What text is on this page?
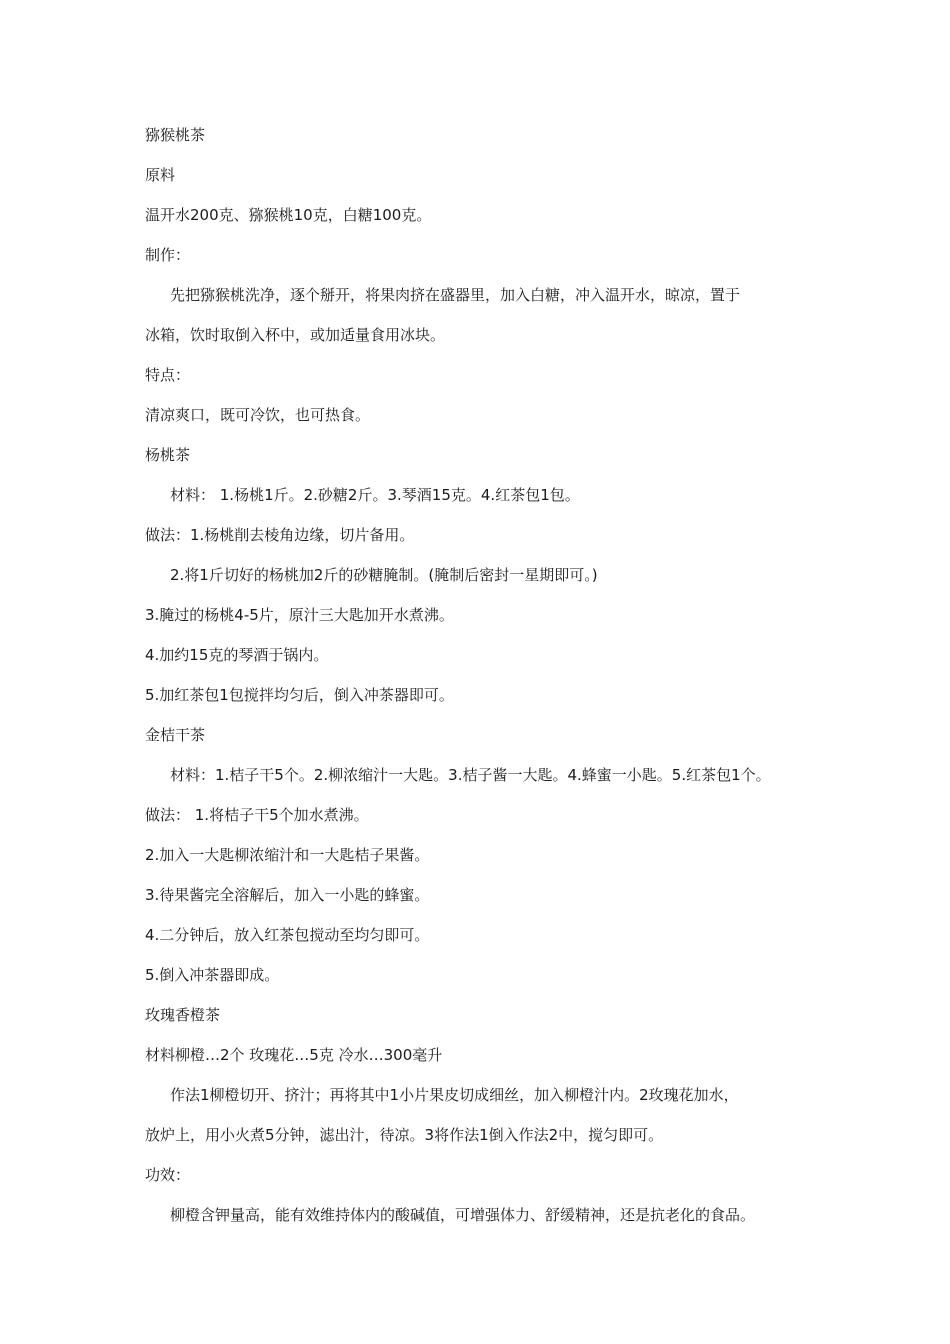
猕猴桃茶
原料
温开水200克、猕猴桃10克，白糖100克。
制作：
先把猕猴桃洗净，逐个掰开，将果肉挤在盛器里，加入白糖，冲入温开水，晾凉，置于
冰箱，饮时取倒入杯中，或加适量食用冰块。
特点：
清凉爽口，既可冷饮，也可热食。
杨桃茶
材料： 1.杨桃1斤。2.砂糖2斤。3.琴酒15克。4.红茶包1包。
做法：1.杨桃削去棱角边缘，切片备用。
2.将1斤切好的杨桃加2斤的砂糖腌制。(腌制后密封一星期即可。)
3.腌过的杨桃4-5片，原汁三大匙加开水煮沸。
4.加约15克的琴酒于锅内。
5.加红茶包1包搅拌均匀后，倒入冲茶器即可。
金桔干茶
材料：1.桔子干5个。2.柳浓缩汁一大匙。3.桔子酱一大匙。4.蜂蜜一小匙。5.红茶包1个。
做法： 1.将桔子干5个加水煮沸。
2.加入一大匙柳浓缩汁和一大匙桔子果酱。
3.待果酱完全溶解后，加入一小匙的蜂蜜。
4.二分钟后，放入红茶包搅动至均匀即可。
5.倒入冲茶器即成。
玫瑰香橙茶
材料柳橙…2个 玫瑰花…5克 冷水…300毫升
作法1柳橙切开、挤汁；再将其中1小片果皮切成细丝，加入柳橙汁内。2玫瑰花加水，
放炉上，用小火煮5分钟，滤出汁，待凉。3将作法1倒入作法2中，搅匀即可。
功效：
柳橙含钾量高，能有效维持体内的酸碱值，可增强体力、舒缓精神，还是抗老化的食品。
